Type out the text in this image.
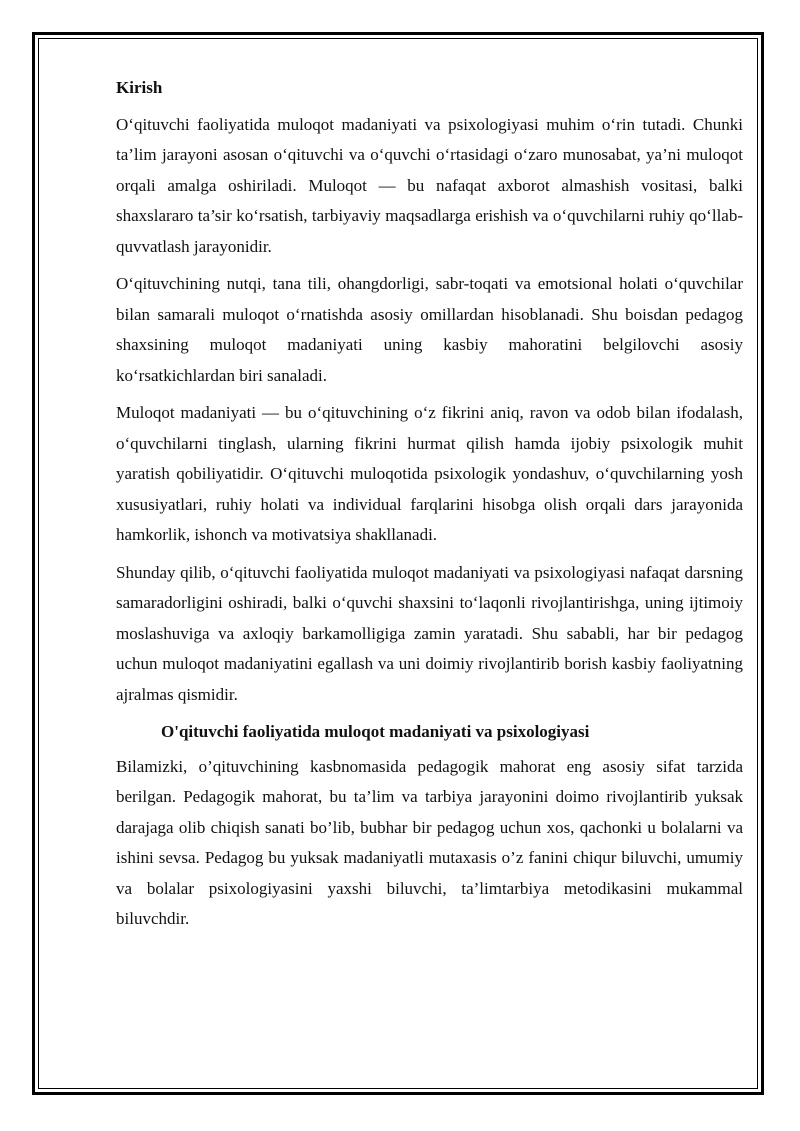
Kirish

O‘qituvchi faoliyatida muloqot madaniyati va psixologiyasi muhim o‘rin tutadi. Chunki ta’lim jarayoni asosan o‘qituvchi va o‘quvchi o‘rtasidagi o‘zaro munosabat, ya’ni muloqot orqali amalga oshiriladi. Muloqot — bu nafaqat axborot almashish vositasi, balki shaxslararo ta’sir ko‘rsatish, tarbiyaviy maqsadlarga erishish va o‘quvchilarni ruhiy qo‘llab-quvvatlash jarayonidir.

O‘qituvchining nutqi, tana tili, ohangdorligi, sabr-toqati va emotsional holati o‘quvchilar bilan samarali muloqot o‘rnatishda asosiy omillardan hisoblanadi. Shu boisdan pedagog shaxsining muloqot madaniyati uning kasbiy mahoratini belgilovchi asosiy ko‘rsatkichlardan biri sanaladi.

Muloqot madaniyati — bu o‘qituvchining o‘z fikrini aniq, ravon va odob bilan ifodalash, o‘quvchilarni tinglash, ularning fikrini hurmat qilish hamda ijobiy psixologik muhit yaratish qobiliyatidir. O‘qituvchi muloqotida psixologik yondashuv, o‘quvchilarning yosh xususiyatlari, ruhiy holati va individual farqlarini hisobga olish orqali dars jarayonida hamkorlik, ishonch va motivatsiya shakllanadi.

Shunday qilib, o‘qituvchi faoliyatida muloqot madaniyati va psixologiyasi nafaqat darsning samaradorligini oshiradi, balki o‘quvchi shaxsini to‘laqonli rivojlantirishga, uning ijtimoiy moslashuviga va axloqiy barkamolligiga zamin yaratadi. Shu sababli, har bir pedagog uchun muloqot madaniyatini egallash va uni doimiy rivojlantirib borish kasbiy faoliyatning ajralmas qismidir.

O'qituvchi faoliyatida muloqot madaniyati va psixologiyasi

Bilamizki, o’qituvchining kasbnomasida pedagogik mahorat eng asosiy sifat tarzida berilgan. Pedagogik mahorat, bu ta’lim va tarbiya jarayonini doimo rivojlantirib yuksak darajaga olib chiqish sanati bo’lib, bubhar bir pedagog uchun xos, qachonki u bolalarni va ishini sevsa. Pedagog bu yuksak madaniyatli mutaxasis o’z fanini chiqur biluvchi, umumiy va bolalar psixologiyasini yaxshi biluvchi, ta’limtarbiya metodikasini mukammal biluvchdir.
